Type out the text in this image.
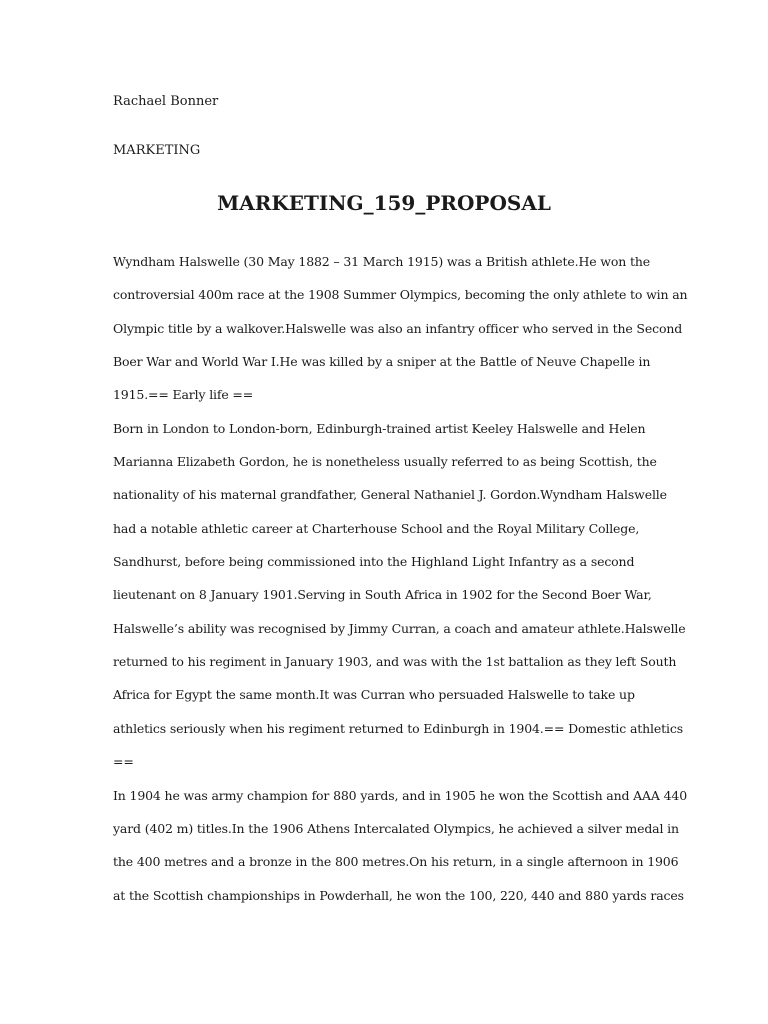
Rachael Bonner
MARKETING
MARKETING_159_PROPOSAL
Wyndham Halswelle (30 May 1882 – 31 March 1915) was a British athlete.He won the
controversial 400m race at the 1908 Summer Olympics, becoming the only athlete to win an
Olympic title by a walkover.Halswelle was also an infantry officer who served in the Second
Boer War and World War I.He was killed by a sniper at the Battle of Neuve Chapelle in
1915.== Early life ==
Born in London to London-born, Edinburgh-trained artist Keeley Halswelle and Helen
Marianna Elizabeth Gordon, he is nonetheless usually referred to as being Scottish, the
nationality of his maternal grandfather, General Nathaniel J. Gordon.Wyndham Halswelle
had a notable athletic career at Charterhouse School and the Royal Military College,
Sandhurst, before being commissioned into the Highland Light Infantry as a second
lieutenant on 8 January 1901.Serving in South Africa in 1902 for the Second Boer War,
Halswelle’s ability was recognised by Jimmy Curran, a coach and amateur athlete.Halswelle
returned to his regiment in January 1903, and was with the 1st battalion as they left South
Africa for Egypt the same month.It was Curran who persuaded Halswelle to take up
athletics seriously when his regiment returned to Edinburgh in 1904.== Domestic athletics
==
In 1904 he was army champion for 880 yards, and in 1905 he won the Scottish and AAA 440
yard (402 m) titles.In the 1906 Athens Intercalated Olympics, he achieved a silver medal in
the 400 metres and a bronze in the 800 metres.On his return, in a single afternoon in 1906
at the Scottish championships in Powderhall, he won the 100, 220, 440 and 880 yards races
